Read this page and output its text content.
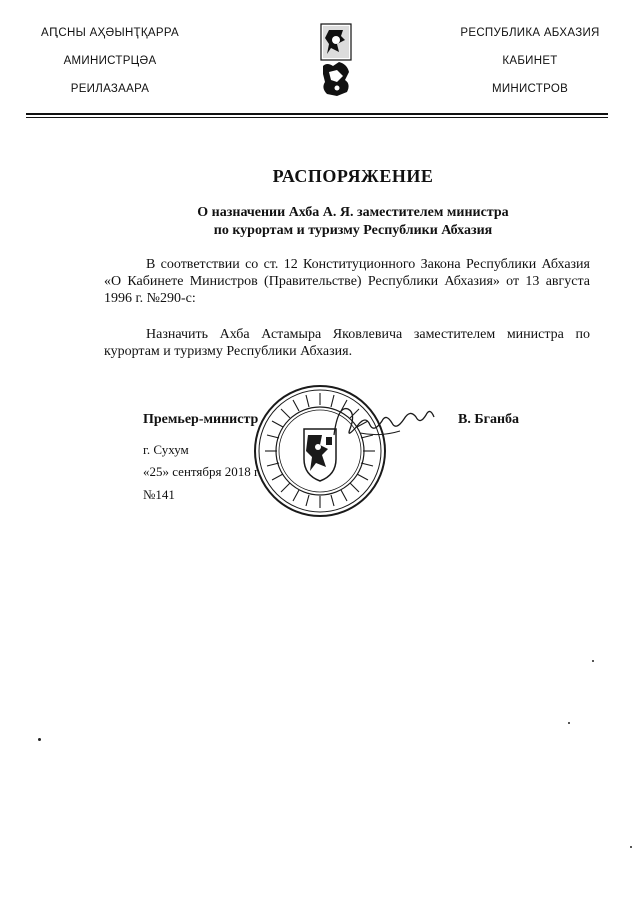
АԤСНЫ АҲӘЫНҬҚАРРА
АМИНИСТРЦӘА
РЕИЛАЗААРА
РЕСПУБЛИКА АБХАЗИЯ
КАБИНЕТ
МИНИСТРОВ
РАСПОРЯЖЕНИЕ
О назначении Ахба А. Я. заместителем министра
по курортам и туризму Республики Абхазия
В соответствии со ст. 12 Конституционного Закона Республики Абхазия «О Кабинете Министров (Правительстве) Республики Абхазия» от 13 августа 1996 г. №290-с:
Назначить Ахба Астамыра Яковлевича заместителем министра по курортам и туризму Республики Абхазия.
Премьер-министр	В. Бганба
г. Сухум
«25» сентября 2018 г.
№141
